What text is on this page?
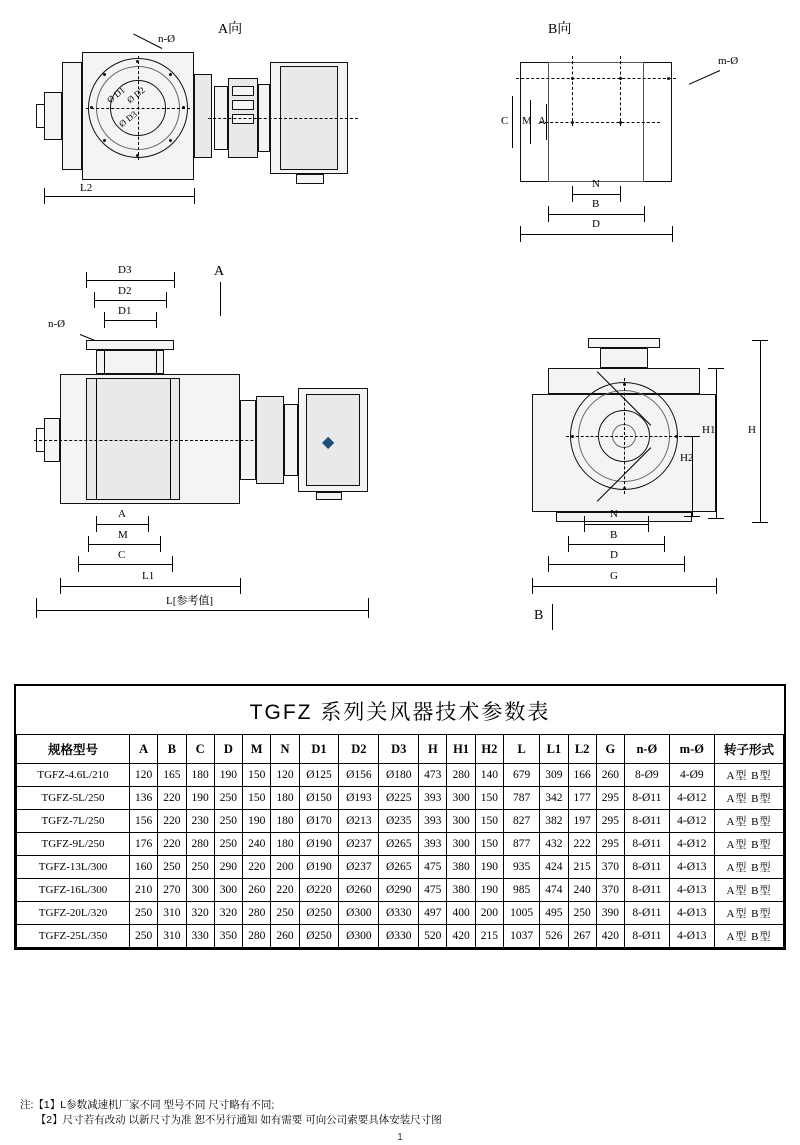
A向
n-Ø
Ø D1
Ø D2
Ø D3
L2
B向
m-Ø
C M A
N
B
D
A
D3
D2
D1
n-Ø
◆
A
M
C
L1
L[参考值]
H
H1
H2
N
B
D
G
B
TGFZ 系列关风器技术参数表
规格型号	A	B	C	D	M	N	D1	D2	D3	H	H1	H2	L	L1	L2	G	n-Ø	m-Ø	转子形式
TGFZ-4.6L/210	120	165	180	190	150	120	Ø125	Ø156	Ø180	473	280	140	679	309	166	260	8-Ø9	4-Ø9	A型 B型
TGFZ-5L/250	136	220	190	250	150	180	Ø150	Ø193	Ø225	393	300	150	787	342	177	295	8-Ø11	4-Ø12	A型 B型
TGFZ-7L/250	156	220	230	250	190	180	Ø170	Ø213	Ø235	393	300	150	827	382	197	295	8-Ø11	4-Ø12	A型 B型
TGFZ-9L/250	176	220	280	250	240	180	Ø190	Ø237	Ø265	393	300	150	877	432	222	295	8-Ø11	4-Ø12	A型 B型
TGFZ-13L/300	160	250	250	290	220	200	Ø190	Ø237	Ø265	475	380	190	935	424	215	370	8-Ø11	4-Ø13	A型 B型
TGFZ-16L/300	210	270	300	300	260	220	Ø220	Ø260	Ø290	475	380	190	985	474	240	370	8-Ø11	4-Ø13	A型 B型
TGFZ-20L/320	250	310	320	320	280	250	Ø250	Ø300	Ø330	497	400	200	1005	495	250	390	8-Ø11	4-Ø13	A型 B型
TGFZ-25L/350	250	310	330	350	280	260	Ø250	Ø300	Ø330	520	420	215	1037	526	267	420	8-Ø11	4-Ø13	A型 B型
注:【1】L参数减速机厂家不同 型号不同 尺寸略有不同;
　　【2】尺寸若有改动 以新尺寸为准 恕不另行通知 如有需要 可向公司索要具体安装尺寸图
1
